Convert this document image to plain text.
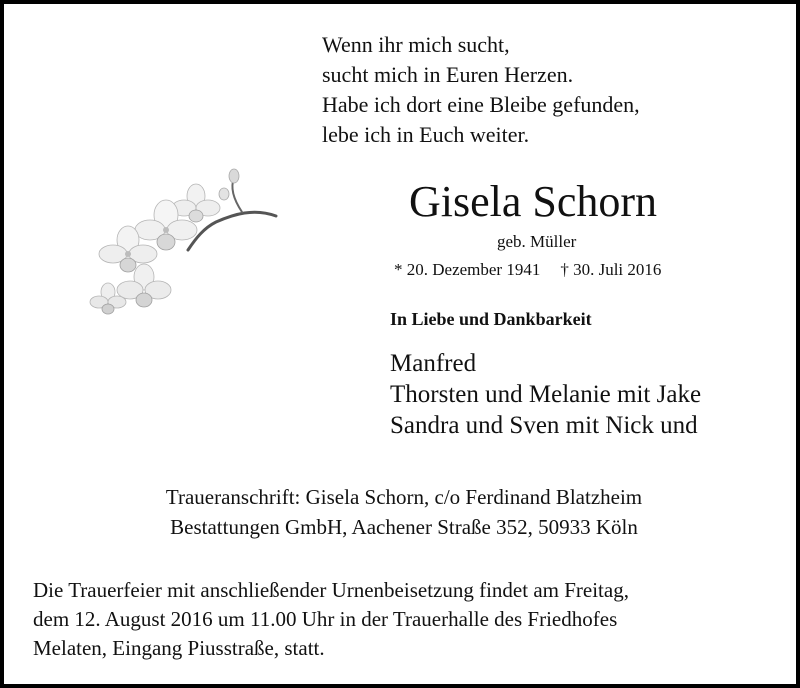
Wenn ihr mich sucht,
sucht mich in Euren Herzen.
Habe ich dort eine Bleibe gefunden,
lebe ich in Euch weiter.
Gisela Schorn
geb. Müller
* 20. Dezember 1941 † 30. Juli 2016
In Liebe und Dankbarkeit
Manfred
Thorsten und Melanie mit Jake
Sandra und Sven mit Nick und
Traueranschrift: Gisela Schorn, c/o Ferdinand Blatzheim
Bestattungen GmbH, Aachener Straße 352, 50933 Köln
Die Trauerfeier mit anschließender Urnenbeisetzung findet am Freitag,
dem 12. August 2016 um 11.00 Uhr in der Trauerhalle des Friedhofes
Melaten, Eingang Piusstraße, statt.
